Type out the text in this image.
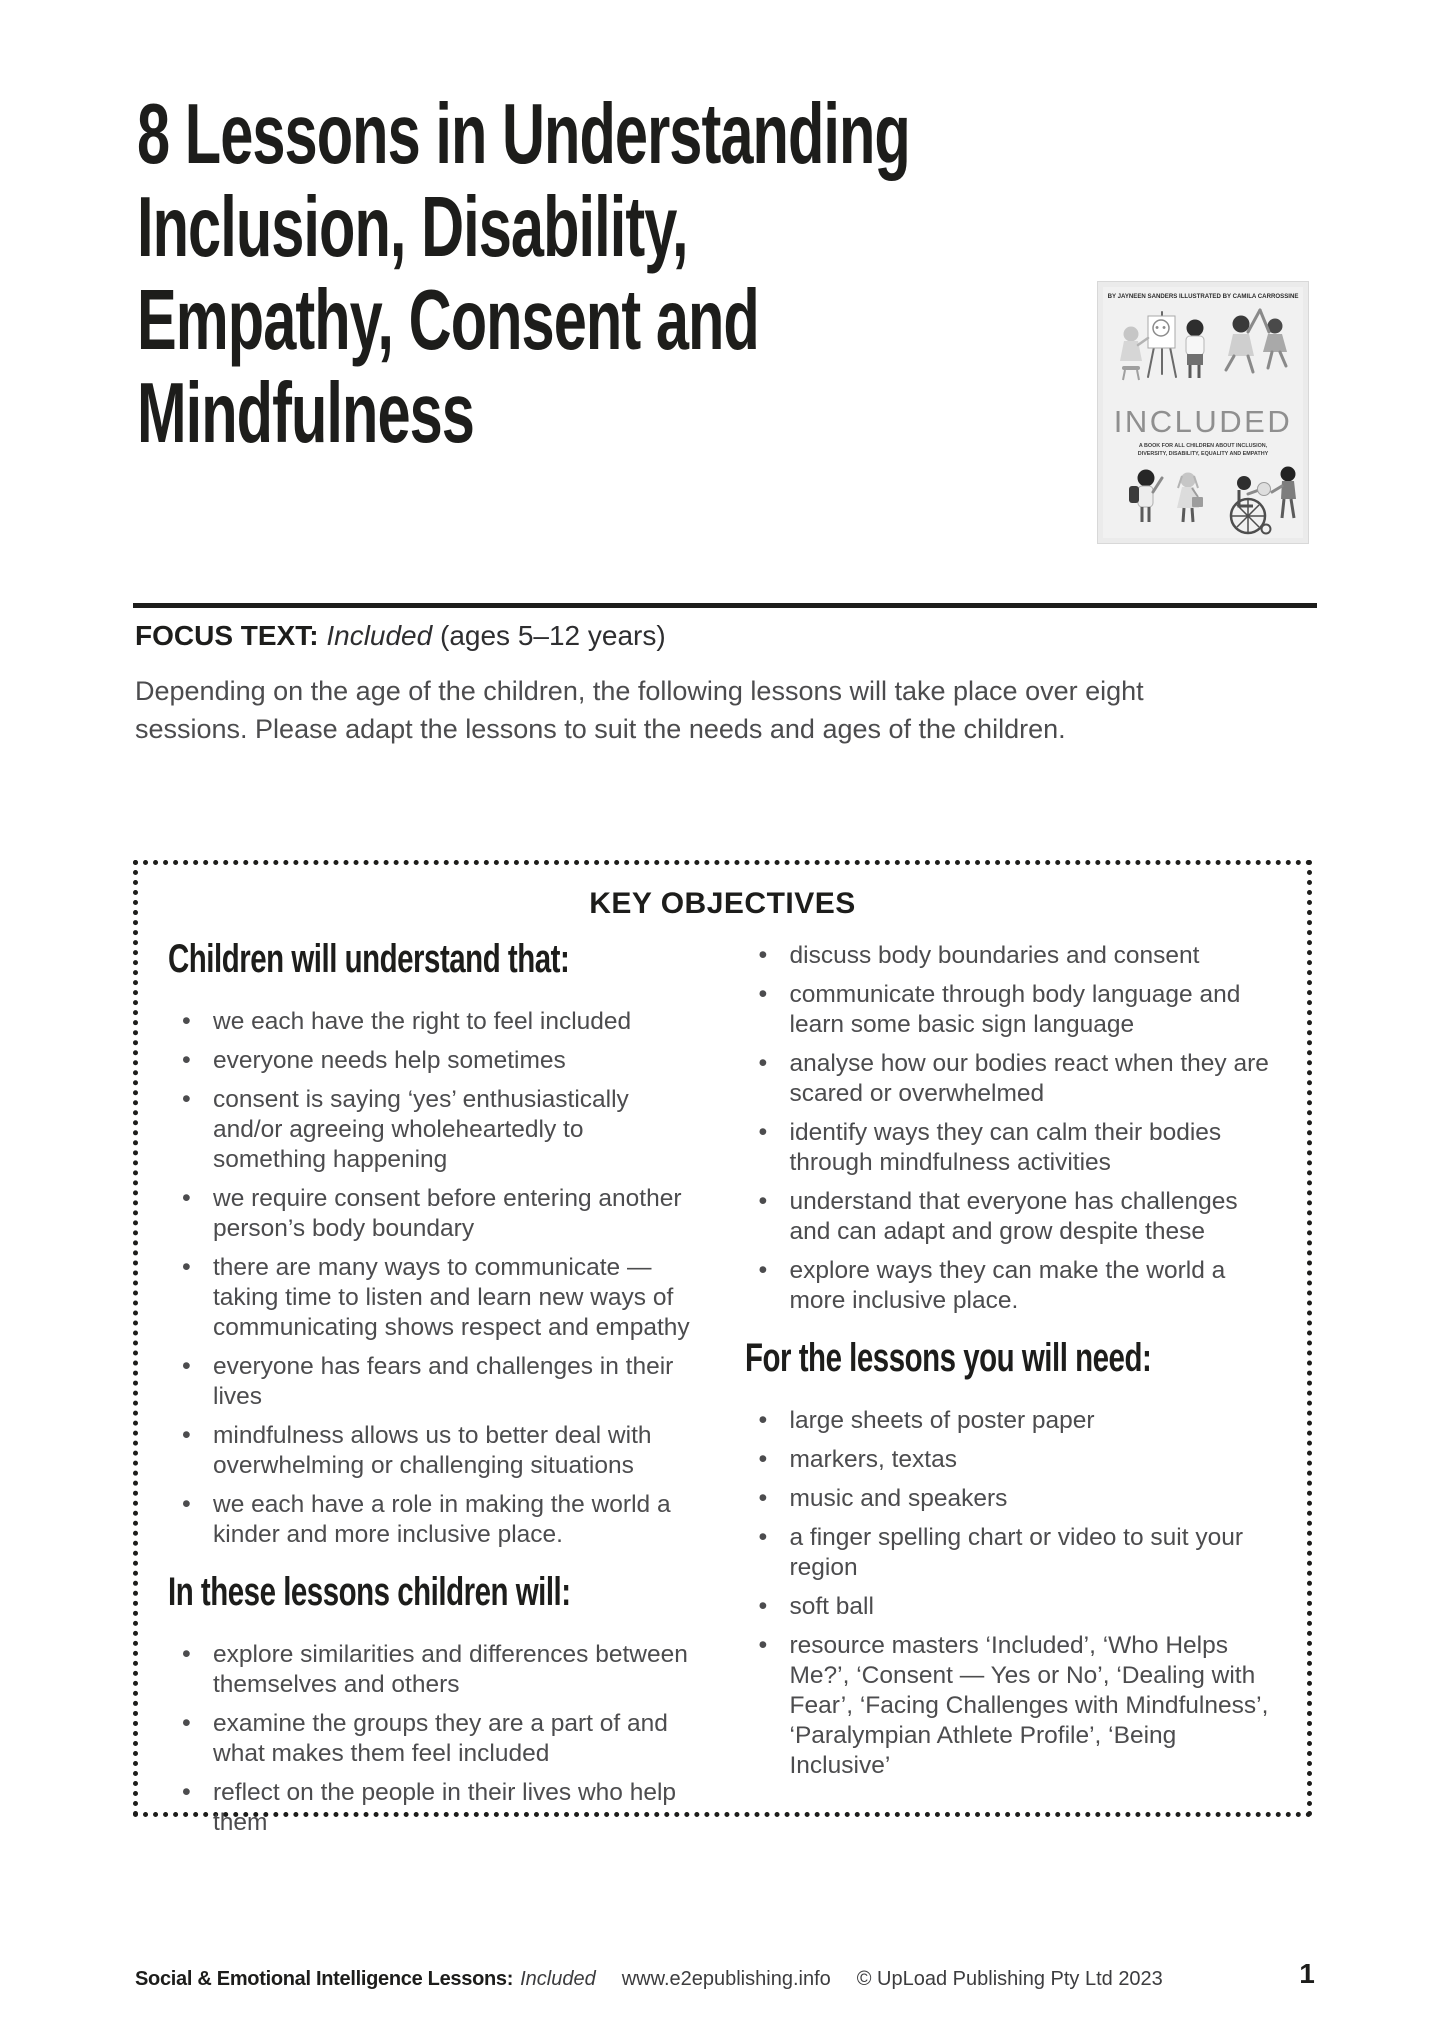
8 Lessons in Understanding
Inclusion, Disability,
Empathy, Consent and
Mindfulness
BY JAYNEEN SANDERS ILLUSTRATED BY CAMILA CARROSSINE
INCLUDED
A BOOK FOR ALL CHILDREN ABOUT INCLUSION,
DIVERSITY, DISABILITY, EQUALITY AND EMPATHY

FOCUS TEXT: Included (ages 5–12 years)

Depending on the age of the children, the following lessons will take place over eight sessions. Please adapt the lessons to suit the needs and ages of the children.

KEY OBJECTIVES
Children will understand that:
we each have the right to feel included
everyone needs help sometimes
consent is saying ‘yes’ enthusiastically and/or agreeing wholeheartedly to something happening
we require consent before entering another person’s body boundary
there are many ways to communicate — taking time to listen and learn new ways of communicating shows respect and empathy
everyone has fears and challenges in their lives
mindfulness allows us to better deal with overwhelming or challenging situations
we each have a role in making the world a kinder and more inclusive place.
In these lessons children will:
explore similarities and differences between themselves and others
examine the groups they are a part of and what makes them feel included
reflect on the people in their lives who help them
discuss body boundaries and consent
communicate through body language and learn some basic sign language
analyse how our bodies react when they are scared or overwhelmed
identify ways they can calm their bodies through mindfulness activities
understand that everyone has challenges and can adapt and grow despite these
explore ways they can make the world a more inclusive place.
For the lessons you will need:
large sheets of poster paper
markers, textas
music and speakers
a finger spelling chart or video to suit your region
soft ball
resource masters ‘Included’, ‘Who Helps Me?’, ‘Consent — Yes or No’, ‘Dealing with Fear’, ‘Facing Challenges with Mindfulness’, ‘Paralympian Athlete Profile’, ‘Being Inclusive’
Social & Emotional Intelligence Lessons: Included www.e2epublishing.info © UpLoad Publishing Pty Ltd 2023	1
